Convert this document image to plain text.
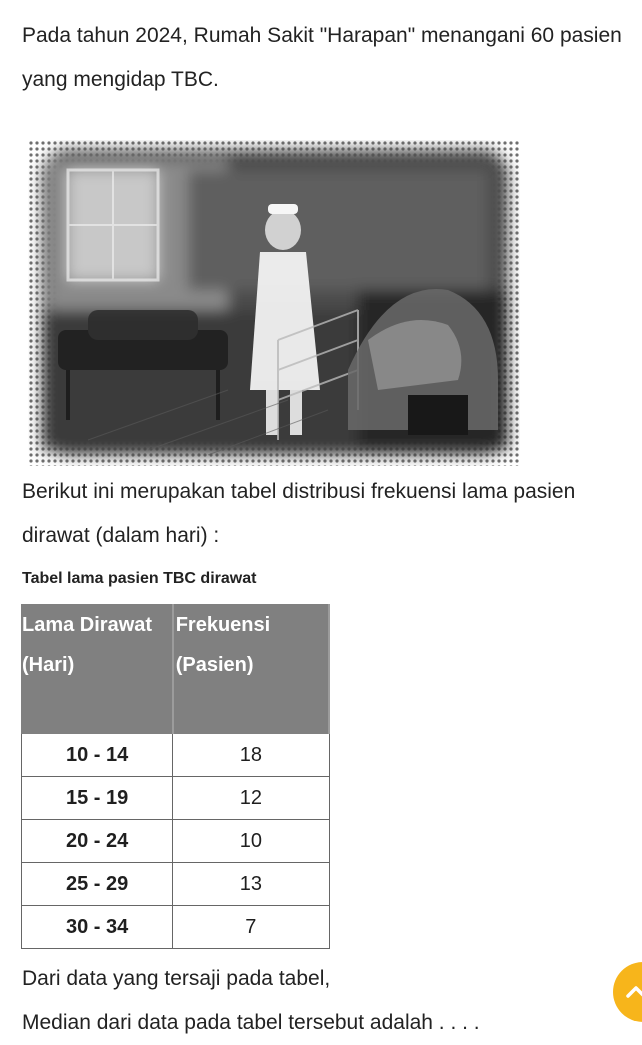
Pada tahun 2024, Rumah Sakit "Harapan" menangani 60 pasien yang mengidap TBC.

Berikut ini merupakan tabel distribusi frekuensi lama pasien dirawat (dalam hari) :

Tabel lama pasien TBC dirawat
Lama Dirawat (Hari)	Frekuensi (Pasien)
10 - 14	18
15 - 19	12
20 - 24	10
25 - 29	13
30 - 34	7
Dari data yang tersaji pada tabel,
Median dari data pada tabel tersebut adalah . . . .
